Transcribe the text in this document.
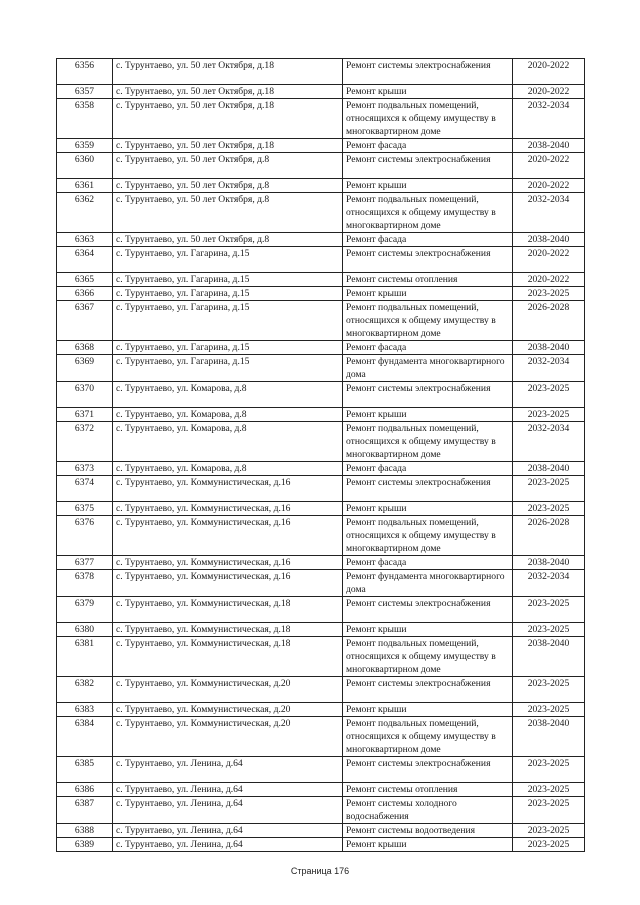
6356	с. Турунтаево, ул. 50 лет Октября, д.18	Ремонт системы электроснабжения	2020-2022
6357	с. Турунтаево, ул. 50 лет Октября, д.18	Ремонт крыши	2020-2022
6358	с. Турунтаево, ул. 50 лет Октября, д.18	Ремонт подвальных помещений, относящихся к общему имуществу в многоквартирном доме	2032-2034
6359	с. Турунтаево, ул. 50 лет Октября, д.18	Ремонт фасада	2038-2040
6360	с. Турунтаево, ул. 50 лет Октября, д.8	Ремонт системы электроснабжения	2020-2022
6361	с. Турунтаево, ул. 50 лет Октября, д.8	Ремонт крыши	2020-2022
6362	с. Турунтаево, ул. 50 лет Октября, д.8	Ремонт подвальных помещений, относящихся к общему имуществу в многоквартирном доме	2032-2034
6363	с. Турунтаево, ул. 50 лет Октября, д.8	Ремонт фасада	2038-2040
6364	с. Турунтаево, ул. Гагарина, д.15	Ремонт системы электроснабжения	2020-2022
6365	с. Турунтаево, ул. Гагарина, д.15	Ремонт системы отопления	2020-2022
6366	с. Турунтаево, ул. Гагарина, д.15	Ремонт крыши	2023-2025
6367	с. Турунтаево, ул. Гагарина, д.15	Ремонт подвальных помещений, относящихся к общему имуществу в многоквартирном доме	2026-2028
6368	с. Турунтаево, ул. Гагарина, д.15	Ремонт фасада	2038-2040
6369	с. Турунтаево, ул. Гагарина, д.15	Ремонт фундамента многоквартирного дома	2032-2034
6370	с. Турунтаево, ул. Комарова, д.8	Ремонт системы электроснабжения	2023-2025
6371	с. Турунтаево, ул. Комарова, д.8	Ремонт крыши	2023-2025
6372	с. Турунтаево, ул. Комарова, д.8	Ремонт подвальных помещений, относящихся к общему имуществу в многоквартирном доме	2032-2034
6373	с. Турунтаево, ул. Комарова, д.8	Ремонт фасада	2038-2040
6374	с. Турунтаево, ул. Коммунистическая, д.16	Ремонт системы электроснабжения	2023-2025
6375	с. Турунтаево, ул. Коммунистическая, д.16	Ремонт крыши	2023-2025
6376	с. Турунтаево, ул. Коммунистическая, д.16	Ремонт подвальных помещений, относящихся к общему имуществу в многоквартирном доме	2026-2028
6377	с. Турунтаево, ул. Коммунистическая, д.16	Ремонт фасада	2038-2040
6378	с. Турунтаево, ул. Коммунистическая, д.16	Ремонт фундамента многоквартирного дома	2032-2034
6379	с. Турунтаево, ул. Коммунистическая, д.18	Ремонт системы электроснабжения	2023-2025
6380	с. Турунтаево, ул. Коммунистическая, д.18	Ремонт крыши	2023-2025
6381	с. Турунтаево, ул. Коммунистическая, д.18	Ремонт подвальных помещений, относящихся к общему имуществу в многоквартирном доме	2038-2040
6382	с. Турунтаево, ул. Коммунистическая, д.20	Ремонт системы электроснабжения	2023-2025
6383	с. Турунтаево, ул. Коммунистическая, д.20	Ремонт крыши	2023-2025
6384	с. Турунтаево, ул. Коммунистическая, д.20	Ремонт подвальных помещений, относящихся к общему имуществу в многоквартирном доме	2038-2040
6385	с. Турунтаево, ул. Ленина, д.64	Ремонт системы электроснабжения	2023-2025
6386	с. Турунтаево, ул. Ленина, д.64	Ремонт системы отопления	2023-2025
6387	с. Турунтаево, ул. Ленина, д.64	Ремонт системы холодного водоснабжения	2023-2025
6388	с. Турунтаево, ул. Ленина, д.64	Ремонт системы водоотведения	2023-2025
6389	с. Турунтаево, ул. Ленина, д.64	Ремонт крыши	2023-2025
Страница 176
